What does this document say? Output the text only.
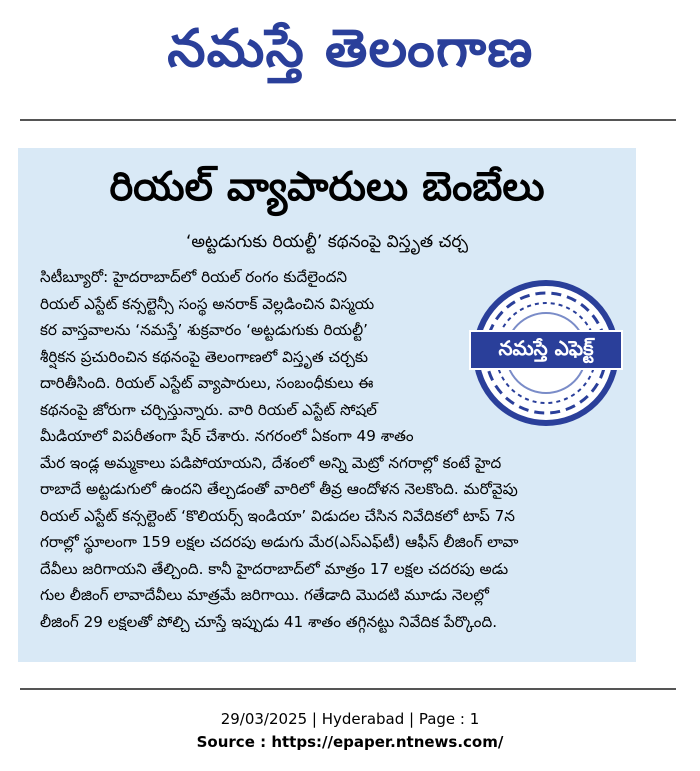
నమస్తే తెలంగాణ
రియల్ వ్యాపారులు బెంబేలు
‘అట్టడుగుకు రియల్టీ’ కథనంపై విస్తృత చర్చ
నమస్తే ఎఫెక్ట్
సిటీబ్యూరో: హైదరాబాద్‌లో రియల్ రంగం కుదేలైందని
రియల్ ఎస్టేట్ కన్సల్టెన్సీ సంస్థ అనరాక్ వెల్లడించిన విస్మయ
కర వాస్తవాలను ‘నమస్తే’ శుక్రవారం ‘అట్టడుగుకు రియల్టీ’
శీర్షికన ప్రచురించిన కథనంపై తెలంగాణలో విస్తృత చర్చకు
దారితీసింది. రియల్ ఎస్టేట్ వ్యాపారులు, సంబంధీకులు ఈ
కథనంపై జోరుగా చర్చిస్తున్నారు. వారి రియల్ ఎస్టేట్ సోషల్
మీడియాలో విపరీతంగా షేర్ చేశారు. నగరంలో ఏకంగా 49 శాతం
మేర ఇండ్ల అమ్మకాలు పడిపోయాయని, దేశంలో అన్ని మెట్రో నగరాల్లో కంటే హైద
రాబాదే అట్టడుగులో ఉందని తేల్చడంతో వారిలో తీవ్ర ఆందోళన నెలకొంది. మరోవైపు
రియల్ ఎస్టేట్ కన్సల్టెంట్ ‘కొలియర్స్ ఇండియా’ విడుదల చేసిన నివేదికలో టాప్ 7న
గరాల్లో స్థూలంగా 159 లక్షల చదరపు అడుగు మేర(ఎస్‌ఎఫ్‌టీ) ఆఫీస్ లీజింగ్ లావా
దేవీలు జరిగాయని తేల్చింది. కానీ హైదరాబాద్‌లో మాత్రం 17 లక్షల చదరపు అడు
గుల లీజింగ్ లావాదేవీలు మాత్రమే జరిగాయి. గతేడాది మొదటి మూడు నెలల్లో
లీజింగ్ 29 లక్షలతో పోల్చి చూస్తే ఇప్పుడు 41 శాతం తగ్గినట్టు నివేదిక పేర్కొంది.
29/03/2025 | Hyderabad | Page : 1
Source : https://epaper.ntnews.com/
